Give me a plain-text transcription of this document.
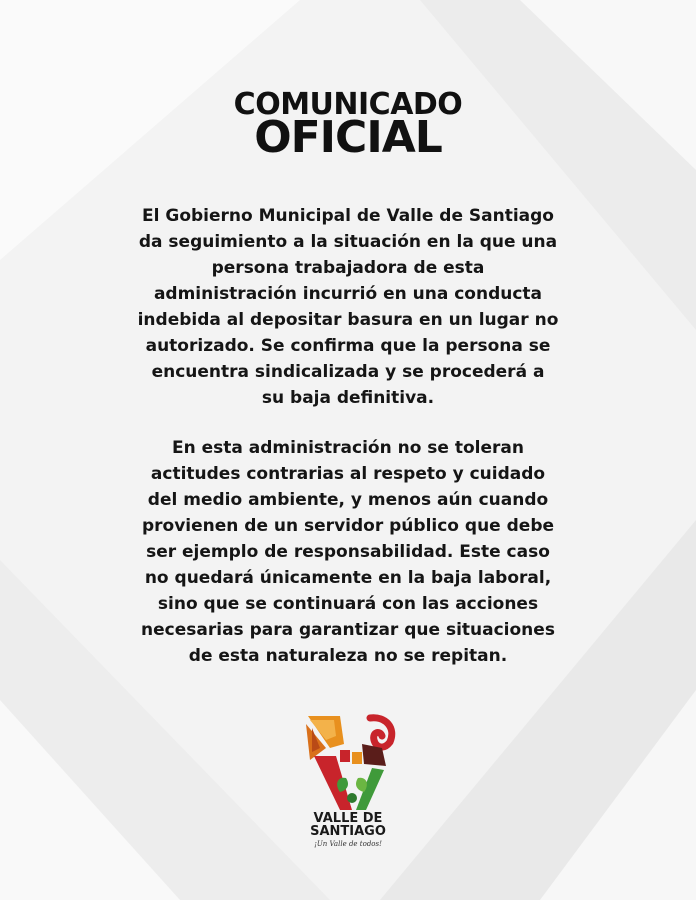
COMUNICADO
OFICIAL

El Gobierno Municipal de Valle de Santiago
da seguimiento a la situación en la que una
persona trabajadora de esta
administración incurrió en una conducta
indebida al depositar basura en un lugar no
autorizado. Se confirma que la persona se
encuentra sindicalizada y se procederá a
su baja definitiva.

En esta administración no se toleran
actitudes contrarias al respeto y cuidado
del medio ambiente, y menos aún cuando
provienen de un servidor público que debe
ser ejemplo de responsabilidad. Este caso
no quedará únicamente en la baja laboral,
sino que se continuará con las acciones
necesarias para garantizar que situaciones
de esta naturaleza no se repitan.

VALLE DE
SANTIAGO
¡Un Valle de todos!
